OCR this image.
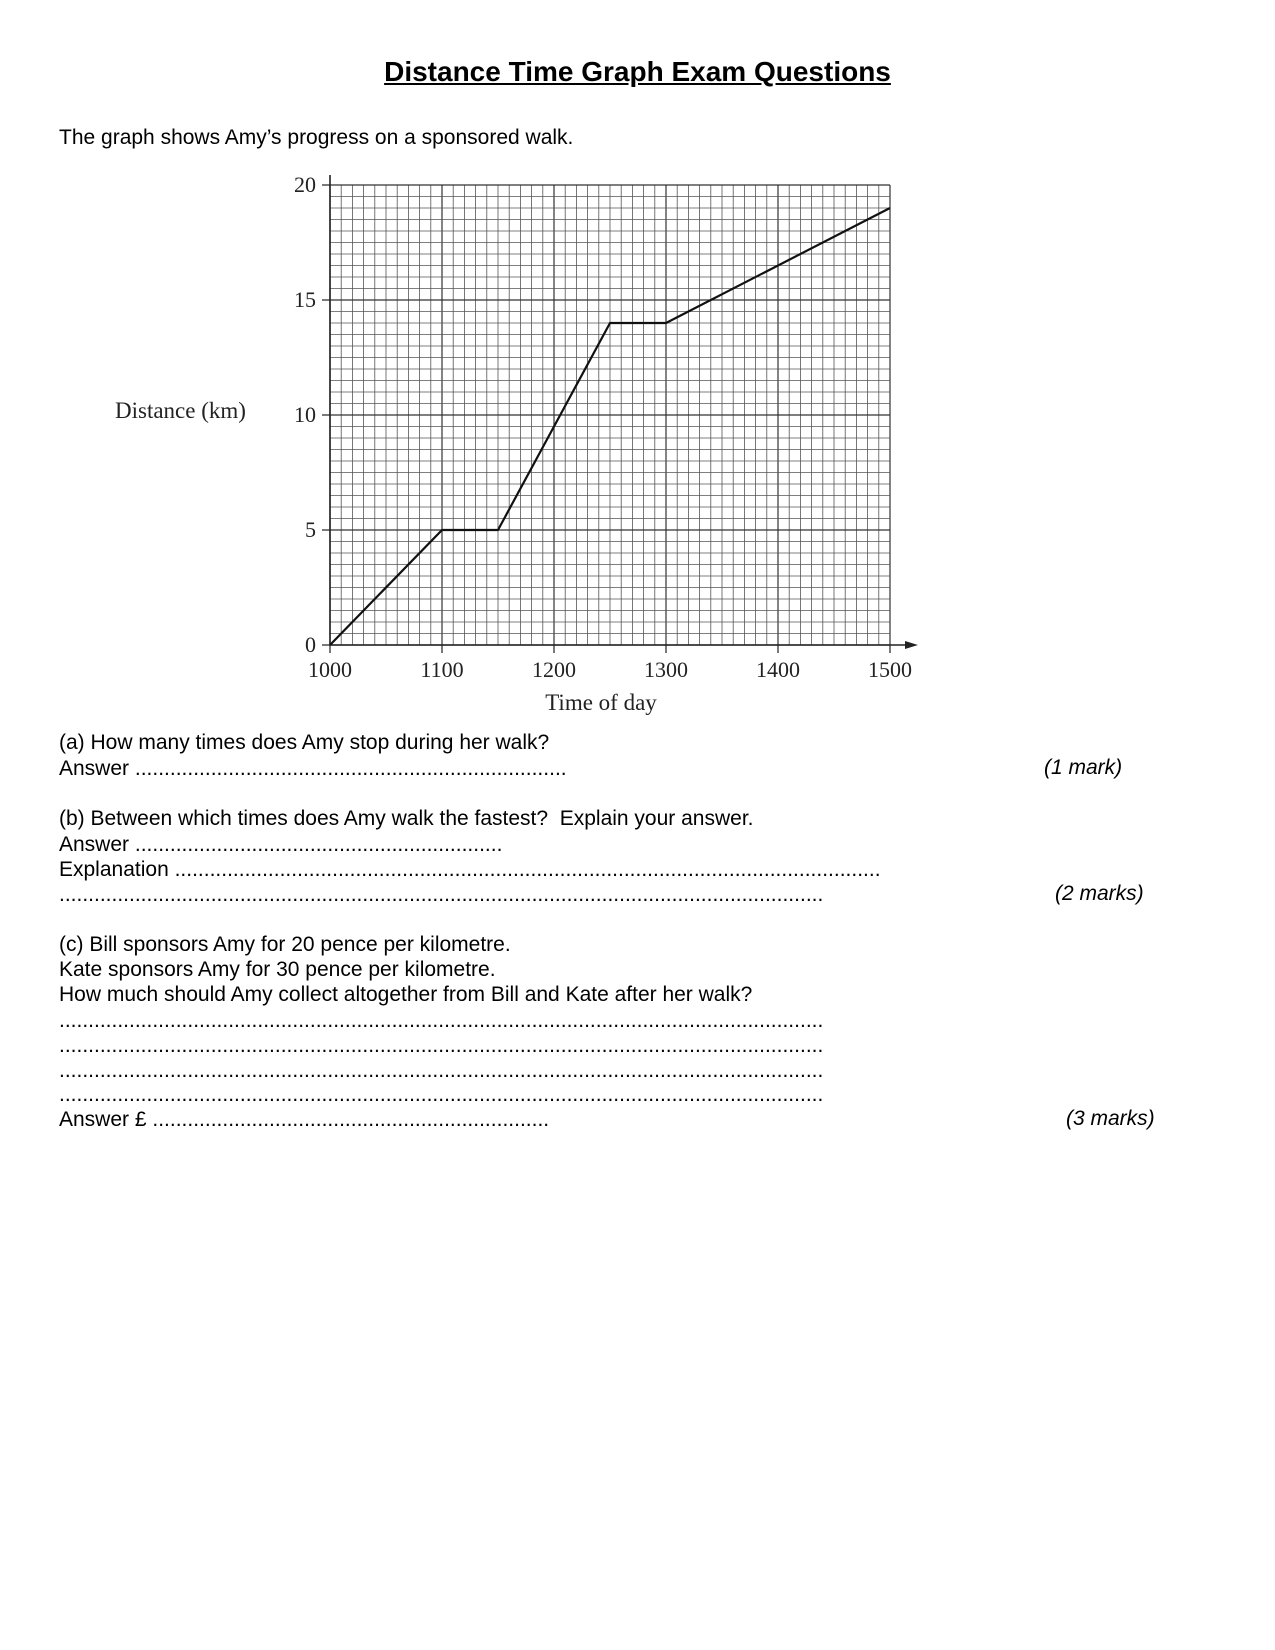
Distance Time Graph Exam Questions

The graph shows Amy’s progress on a sponsored walk.

0
5
10
15
20
1000	1100	1200	1300	1400	1500
Distance (km)
Time of day

(a) How many times does Amy stop during her walk?

Answer ..........................................................................	(1 mark)

(b) Between which times does Amy walk the fastest?  Explain your answer.

Answer ...............................................................

Explanation .........................................................................................................................

...................................................................................................................................	(2 marks)

(c) Bill sponsors Amy for 20 pence per kilometre.

Kate sponsors Amy for 30 pence per kilometre.

How much should Amy collect altogether from Bill and Kate after her walk?

...................................................................................................................................

...................................................................................................................................

...................................................................................................................................

...................................................................................................................................

Answer £ ....................................................................	(3 marks)
